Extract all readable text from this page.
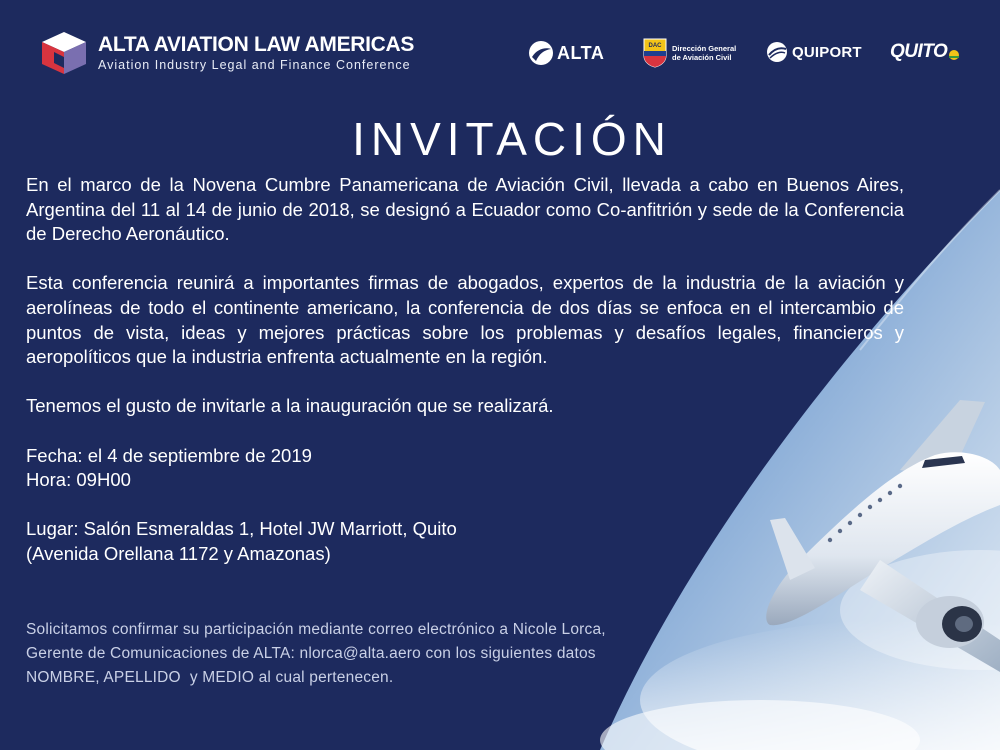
ALTA AVIATION LAW AMERICAS
Aviation Industry Legal and Finance Conference
ALTA	DAC Dirección General
de Aviación Civil	QUIPORT QUITO
INVITACIÓN

En el marco de la Novena Cumbre Panamericana de Aviación Civil, llevada a cabo en Buenos Aires, Argentina del 11 al 14 de junio de 2018, se designó a Ecuador como Co-anfitrión y sede de la Conferencia de Derecho Aeronáutico.

Esta conferencia reunirá a importantes firmas de abogados, expertos de la industria de la aviación y aerolíneas de todo el continente americano, la conferencia de dos días se enfoca en el intercambio de puntos de vista, ideas y mejores prácticas sobre los problemas y desafíos legales, financieros y aeropolíticos que la industria enfrenta actualmente en la región.

Tenemos el gusto de invitarle a la inauguración que se realizará.

Fecha: el 4 de septiembre de 2019

Hora: 09H00

Lugar: Salón Esmeraldas 1, Hotel JW Marriott, Quito

(Avenida Orellana 1172 y Amazonas)

Solicitamos confirmar su participación mediante correo electrónico a Nicole Lorca,

Gerente de Comunicaciones de ALTA: nlorca@alta.aero con los siguientes datos

NOMBRE, APELLIDO  y MEDIO al cual pertenecen.
